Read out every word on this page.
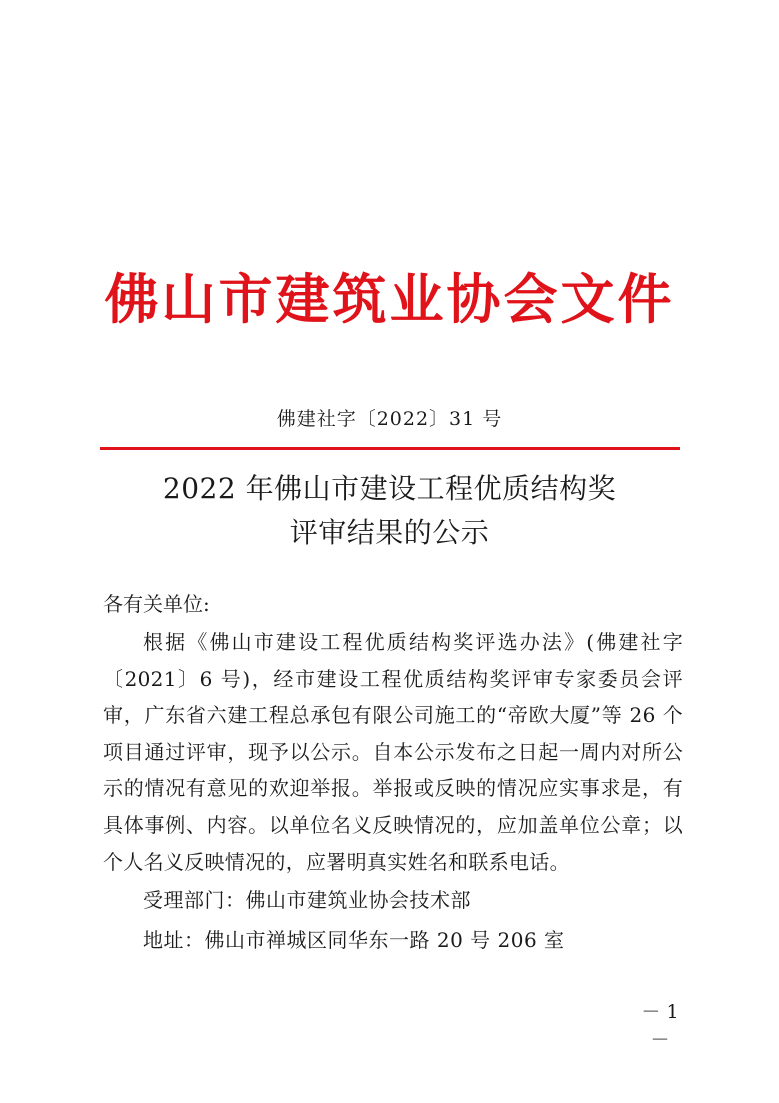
佛山市建筑业协会文件
佛建社字〔2022〕31 号
2022 年佛山市建设工程优质结构奖
评审结果的公示
各有关单位:
根据《佛山市建设工程优质结构奖评选办法》(佛建社字〔2021〕6 号)，经市建设工程优质结构奖评审专家委员会评审，广东省六建工程总承包有限公司施工的“帝欧大厦”等 26 个项目通过评审，现予以公示。自本公示发布之日起一周内对所公示的情况有意见的欢迎举报。举报或反映的情况应实事求是，有具体事例、内容。以单位名义反映情况的，应加盖单位公章；以个人名义反映情况的，应署明真实姓名和联系电话。
受理部门：佛山市建筑业协会技术部
地址：佛山市禅城区同华东一路 20 号 206 室
－ 1 －
